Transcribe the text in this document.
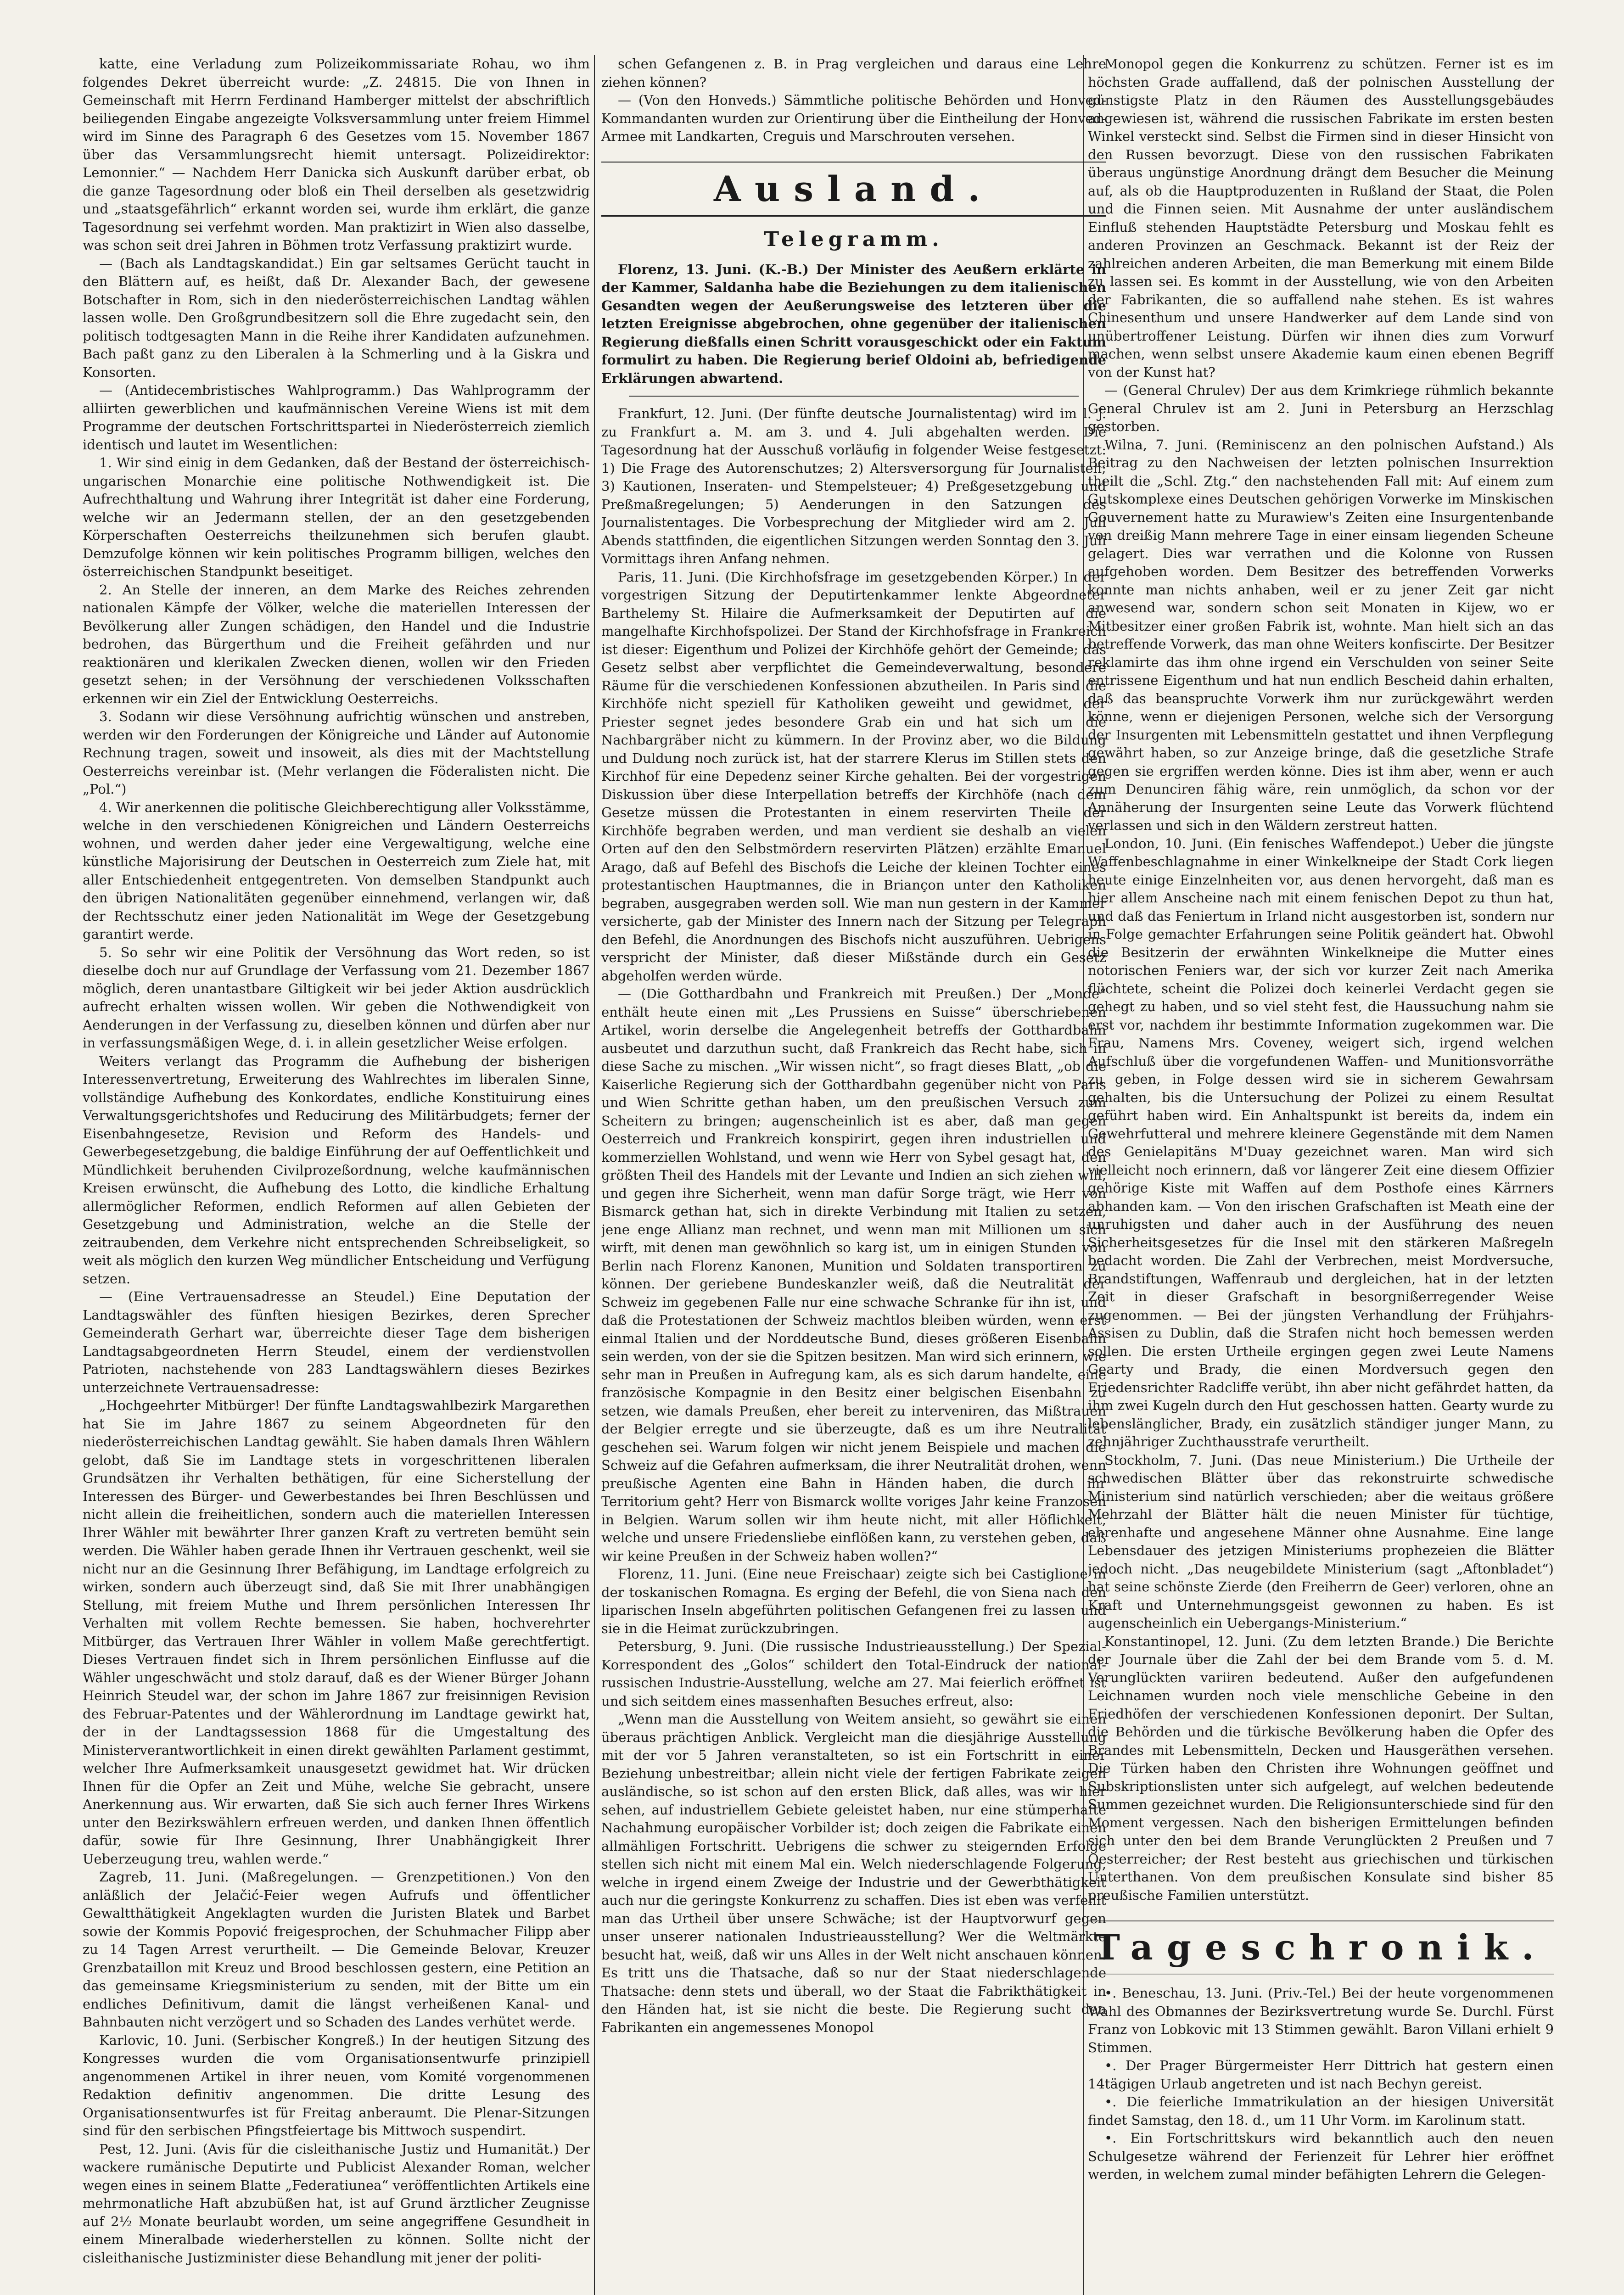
katte, eine Verladung zum Polizeikommissariate Rohau, wo ihm folgendes Dekret überreicht wurde: „Z. 24815. Die von Ihnen in Gemeinschaft mit Herrn Ferdinand Hamberger mittelst der abschriftlich beiliegenden Eingabe angezeigte Volksversammlung unter freiem Himmel wird im Sinne des Paragraph 6 des Gesetzes vom 15. November 1867 über das Versammlungsrecht hiemit untersagt. Polizeidirektor: Lemonnier.“ — Nachdem Herr Danicka sich Auskunft darüber erbat, ob die ganze Tagesordnung oder bloß ein Theil derselben als gesetzwidrig und „staatsgefährlich“ erkannt worden sei, wurde ihm erklärt, die ganze Tagesordnung sei verfehmt worden. Man praktizirt in Wien also dasselbe, was schon seit drei Jahren in Böhmen trotz Verfassung praktizirt wurde.

— (Bach als Landtagskandidat.) Ein gar seltsames Gerücht taucht in den Blättern auf, es heißt, daß Dr. Alexander Bach, der gewesene Botschafter in Rom, sich in den niederösterreichischen Landtag wählen lassen wolle. Den Großgrundbesitzern soll die Ehre zugedacht sein, den politisch todtgesagten Mann in die Reihe ihrer Kandidaten aufzunehmen. Bach paßt ganz zu den Liberalen à la Schmerling und à la Giskra und Konsorten.

— (Antidecembristisches Wahlprogramm.) Das Wahlprogramm der alliirten gewerblichen und kaufmännischen Vereine Wiens ist mit dem Programme der deutschen Fortschrittspartei in Niederösterreich ziemlich identisch und lautet im Wesentlichen:

1. Wir sind einig in dem Gedanken, daß der Bestand der österreichisch-ungarischen Monarchie eine politische Nothwendigkeit ist. Die Aufrechthaltung und Wahrung ihrer Integrität ist daher eine Forderung, welche wir an Jedermann stellen, der an den gesetzgebenden Körperschaften Oesterreichs theilzunehmen sich berufen glaubt. Demzufolge können wir kein politisches Programm billigen, welches den österreichischen Standpunkt beseitiget.

2. An Stelle der inneren, an dem Marke des Reiches zehrenden nationalen Kämpfe der Völker, welche die materiellen Interessen der Bevölkerung aller Zungen schädigen, den Handel und die Industrie bedrohen, das Bürgerthum und die Freiheit gefährden und nur reaktionären und klerikalen Zwecken dienen, wollen wir den Frieden gesetzt sehen; in der Versöhnung der verschiedenen Volksschaften erkennen wir ein Ziel der Entwicklung Oesterreichs.

3. Sodann wir diese Versöhnung aufrichtig wünschen und anstreben, werden wir den Forderungen der Königreiche und Länder auf Autonomie Rechnung tragen, soweit und insoweit, als dies mit der Machtstellung Oesterreichs vereinbar ist. (Mehr verlangen die Föderalisten nicht. Die „Pol.“)

4. Wir anerkennen die politische Gleichberechtigung aller Volksstämme, welche in den verschiedenen Königreichen und Ländern Oesterreichs wohnen, und werden daher jeder eine Vergewaltigung, welche eine künstliche Majorisirung der Deutschen in Oesterreich zum Ziele hat, mit aller Entschiedenheit entgegentreten. Von demselben Standpunkt auch den übrigen Nationalitäten gegenüber einnehmend, verlangen wir, daß der Rechtsschutz einer jeden Nationalität im Wege der Gesetzgebung garantirt werde.

5. So sehr wir eine Politik der Versöhnung das Wort reden, so ist dieselbe doch nur auf Grundlage der Verfassung vom 21. Dezember 1867 möglich, deren unantastbare Giltigkeit wir bei jeder Aktion ausdrücklich aufrecht erhalten wissen wollen. Wir geben die Nothwendigkeit von Aenderungen in der Verfassung zu, dieselben können und dürfen aber nur in verfassungsmäßigen Wege, d. i. in allein gesetzlicher Weise erfolgen.

Weiters verlangt das Programm die Aufhebung der bisherigen Interessenvertretung, Erweiterung des Wahlrechtes im liberalen Sinne, vollständige Aufhebung des Konkordates, endliche Konstituirung eines Verwaltungsgerichtshofes und Reducirung des Militärbudgets; ferner der Eisenbahngesetze, Revision und Reform des Handels- und Gewerbegesetzgebung, die baldige Einführung der auf Oeffentlichkeit und Mündlichkeit beruhenden Civilprozeßordnung, welche kaufmännischen Kreisen erwünscht, die Aufhebung des Lotto, die kindliche Erhaltung allermöglicher Reformen, endlich Reformen auf allen Gebieten der Gesetzgebung und Administration, welche an die Stelle der zeitraubenden, dem Verkehre nicht entsprechenden Schreibseligkeit, so weit als möglich den kurzen Weg mündlicher Entscheidung und Verfügung setzen.

— (Eine Vertrauensadresse an Steudel.) Eine Deputation der Landtagswähler des fünften hiesigen Bezirkes, deren Sprecher Gemeinderath Gerhart war, überreichte dieser Tage dem bisherigen Landtagsabgeordneten Herrn Steudel, einem der verdienstvollen Patrioten, nachstehende von 283 Landtagswählern dieses Bezirkes unterzeichnete Vertrauensadresse:

„Hochgeehrter Mitbürger! Der fünfte Landtagswahlbezirk Margarethen hat Sie im Jahre 1867 zu seinem Abgeordneten für den niederösterreichischen Landtag gewählt. Sie haben damals Ihren Wählern gelobt, daß Sie im Landtage stets in vorgeschrittenen liberalen Grundsätzen ihr Verhalten bethätigen, für eine Sicherstellung der Interessen des Bürger- und Gewerbestandes bei Ihren Beschlüssen und nicht allein die freiheitlichen, sondern auch die materiellen Interessen Ihrer Wähler mit bewährter Ihrer ganzen Kraft zu vertreten bemüht sein werden. Die Wähler haben gerade Ihnen ihr Vertrauen geschenkt, weil sie nicht nur an die Gesinnung Ihrer Befähigung, im Landtage erfolgreich zu wirken, sondern auch überzeugt sind, daß Sie mit Ihrer unabhängigen Stellung, mit freiem Muthe und Ihrem persönlichen Interessen Ihr Verhalten mit vollem Rechte bemessen. Sie haben, hochverehrter Mitbürger, das Vertrauen Ihrer Wähler in vollem Maße gerechtfertigt. Dieses Vertrauen findet sich in Ihrem persönlichen Einflusse auf die Wähler ungeschwächt und stolz darauf, daß es der Wiener Bürger Johann Heinrich Steudel war, der schon im Jahre 1867 zur freisinnigen Revision des Februar-Patentes und der Wählerordnung im Landtage gewirkt hat, der in der Landtagssession 1868 für die Umgestaltung des Ministerverantwortlichkeit in einen direkt gewählten Parlament gestimmt, welcher Ihre Aufmerksamkeit unausgesetzt gewidmet hat. Wir drücken Ihnen für die Opfer an Zeit und Mühe, welche Sie gebracht, unsere Anerkennung aus. Wir erwarten, daß Sie sich auch ferner Ihres Wirkens unter den Bezirkswählern erfreuen werden, und danken Ihnen öffentlich dafür, sowie für Ihre Gesinnung, Ihrer Unabhängigkeit Ihrer Ueberzeugung treu, wahlen werde.“

Zagreb, 11. Juni. (Maßregelungen. — Grenzpetitionen.) Von den anläßlich der Jelačić-Feier wegen Aufrufs und öffentlicher Gewaltthätigkeit Angeklagten wurden die Juristen Blatek und Barbet sowie der Kommis Popović freigesprochen, der Schuhmacher Filipp aber zu 14 Tagen Arrest verurtheilt. — Die Gemeinde Belovar, Kreuzer Grenzbataillon mit Kreuz und Brood beschlossen gestern, eine Petition an das gemeinsame Kriegsministerium zu senden, mit der Bitte um ein endliches Definitivum, damit die längst verheißenen Kanal- und Bahnbauten nicht verzögert und so Schaden des Landes verhütet werde.

Karlovic, 10. Juni. (Serbischer Kongreß.) In der heutigen Sitzung des Kongresses wurden die vom Organisationsentwurfe prinzipiell angenommenen Artikel in ihrer neuen, vom Komité vorgenommenen Redaktion definitiv angenommen. Die dritte Lesung des Organisationsentwurfes ist für Freitag anberaumt. Die Plenar-Sitzungen sind für den serbischen Pfingstfeiertage bis Mittwoch suspendirt.

Pest, 12. Juni. (Avis für die cisleithanische Justiz und Humanität.) Der wackere rumänische Deputirte und Publicist Alexander Roman, welcher wegen eines in seinem Blatte „Federatiunea“ veröffentlichten Artikels eine mehrmonatliche Haft abzubüßen hat, ist auf Grund ärztlicher Zeugnisse auf 2½ Monate beurlaubt worden, um seine angegriffene Gesundheit in einem Mineralbade wiederherstellen zu können. Sollte nicht der cisleithanische Justizminister diese Behandlung mit jener der politi-

schen Gefangenen z. B. in Prag vergleichen und daraus eine Lehre ziehen können?

— (Von den Honveds.) Sämmtliche politische Behörden und Honved-Kommandanten wurden zur Orientirung über die Eintheilung der Honved-Armee mit Landkarten, Creguis und Marschrouten versehen.

Ausland.
Telegramm.

Florenz, 13. Juni. (K.-B.) Der Minister des Aeußern erklärte in der Kammer, Saldanha habe die Beziehungen zu dem italienischen Gesandten wegen der Aeußerungsweise des letzteren über die letzten Ereignisse abgebrochen, ohne gegenüber der italienischen Regierung dießfalls einen Schritt vorausgeschickt oder ein Faktum formulirt zu haben. Die Regierung berief Oldoini ab, befriedigende Erklärungen abwartend.

Frankfurt, 12. Juni. (Der fünfte deutsche Journalistentag) wird im l. J. zu Frankfurt a. M. am 3. und 4. Juli abgehalten werden. Die Tagesordnung hat der Ausschuß vorläufig in folgender Weise festgesetzt: 1) Die Frage des Autorenschutzes; 2) Altersversorgung für Journalisten; 3) Kautionen, Inseraten- und Stempelsteuer; 4) Preßgesetzgebung und Preßmaßregelungen; 5) Aenderungen in den Satzungen des Journalistentages. Die Vorbesprechung der Mitglieder wird am 2. Juli Abends stattfinden, die eigentlichen Sitzungen werden Sonntag den 3. Juli Vormittags ihren Anfang nehmen.

Paris, 11. Juni. (Die Kirchhofsfrage im gesetzgebenden Körper.) In der vorgestrigen Sitzung der Deputirtenkammer lenkte Abgeordneter Barthelemy St. Hilaire die Aufmerksamkeit der Deputirten auf die mangelhafte Kirchhofspolizei. Der Stand der Kirchhofsfrage in Frankreich ist dieser: Eigenthum und Polizei der Kirchhöfe gehört der Gemeinde; das Gesetz selbst aber verpflichtet die Gemeindeverwaltung, besondere Räume für die verschiedenen Konfessionen abzutheilen. In Paris sind die Kirchhöfe nicht speziell für Katholiken geweiht und gewidmet, der Priester segnet jedes besondere Grab ein und hat sich um die Nachbargräber nicht zu kümmern. In der Provinz aber, wo die Bildung und Duldung noch zurück ist, hat der starrere Klerus im Stillen stets den Kirchhof für eine Depedenz seiner Kirche gehalten. Bei der vorgestrigen Diskussion über diese Interpellation betreffs der Kirchhöfe (nach dem Gesetze müssen die Protestanten in einem reservirten Theile der Kirchhöfe begraben werden, und man verdient sie deshalb an vielen Orten auf den den Selbstmördern reservirten Plätzen) erzählte Emanuel Arago, daß auf Befehl des Bischofs die Leiche der kleinen Tochter eines protestantischen Hauptmannes, die in Briançon unter den Katholiken begraben, ausgegraben werden soll. Wie man nun gestern in der Kammer versicherte, gab der Minister des Innern nach der Sitzung per Telegraph den Befehl, die Anordnungen des Bischofs nicht auszuführen. Uebrigens verspricht der Minister, daß dieser Mißstände durch ein Gesetz abgeholfen werden würde.

— (Die Gotthardbahn und Frankreich mit Preußen.) Der „Monde“ enthält heute einen mit „Les Prussiens en Suisse“ überschriebenen Artikel, worin derselbe die Angelegenheit betreffs der Gotthardbahn ausbeutet und darzuthun sucht, daß Frankreich das Recht habe, sich in diese Sache zu mischen. „Wir wissen nicht“, so fragt dieses Blatt, „ob die Kaiserliche Regierung sich der Gotthardbahn gegenüber nicht von Paris und Wien Schritte gethan haben, um den preußischen Versuch zum Scheitern zu bringen; augenscheinlich ist es aber, daß man gegen Oesterreich und Frankreich konspirirt, gegen ihren industriellen und kommerziellen Wohlstand, und wenn wie Herr von Sybel gesagt hat, den größten Theil des Handels mit der Levante und Indien an sich ziehen will, und gegen ihre Sicherheit, wenn man dafür Sorge trägt, wie Herr von Bismarck gethan hat, sich in direkte Verbindung mit Italien zu setzen, jene enge Allianz man rechnet, und wenn man mit Millionen um sich wirft, mit denen man gewöhnlich so karg ist, um in einigen Stunden von Berlin nach Florenz Kanonen, Munition und Soldaten transportiren zu können. Der geriebene Bundeskanzler weiß, daß die Neutralität der Schweiz im gegebenen Falle nur eine schwache Schranke für ihn ist, und daß die Protestationen der Schweiz machtlos bleiben würden, wenn erst einmal Italien und der Norddeutsche Bund, dieses größeren Eisenbahn sein werden, von der sie die Spitzen besitzen. Man wird sich erinnern, wie sehr man in Preußen in Aufregung kam, als es sich darum handelte, eine französische Kompagnie in den Besitz einer belgischen Eisenbahn zu setzen, wie damals Preußen, eher bereit zu interveniren, das Mißtrauen der Belgier erregte und sie überzeugte, daß es um ihre Neutralität geschehen sei. Warum folgen wir nicht jenem Beispiele und machen die Schweiz auf die Gefahren aufmerksam, die ihrer Neutralität drohen, wenn preußische Agenten eine Bahn in Händen haben, die durch ihr Territorium geht? Herr von Bismarck wollte voriges Jahr keine Franzosen in Belgien. Warum sollen wir ihm heute nicht, mit aller Höflichkeit, welche und unsere Friedensliebe einflößen kann, zu verstehen geben, daß wir keine Preußen in der Schweiz haben wollen?“

Florenz, 11. Juni. (Eine neue Freischaar) zeigte sich bei Castiglione in der toskanischen Romagna. Es erging der Befehl, die von Siena nach den liparischen Inseln abgeführten politischen Gefangenen frei zu lassen und sie in die Heimat zurückzubringen.

Petersburg, 9. Juni. (Die russische Industrieausstellung.) Der Spezial-Korrespondent des „Golos“ schildert den Total-Eindruck der national-russischen Industrie-Ausstellung, welche am 27. Mai feierlich eröffnet ist und sich seitdem eines massenhaften Besuches erfreut, also:

„Wenn man die Ausstellung von Weitem ansieht, so gewährt sie einen überaus prächtigen Anblick. Vergleicht man die diesjährige Ausstellung mit der vor 5 Jahren veranstalteten, so ist ein Fortschritt in einer Beziehung unbestreitbar; allein nicht viele der fertigen Fabrikate zeigen ausländische, so ist schon auf den ersten Blick, daß alles, was wir hier sehen, auf industriellem Gebiete geleistet haben, nur eine stümperhafte Nachahmung europäischer Vorbilder ist; doch zeigen die Fabrikate einen allmähligen Fortschritt. Uebrigens die schwer zu steigernden Erfolge stellen sich nicht mit einem Mal ein. Welch niederschlagende Folgerung, welche in irgend einem Zweige der Industrie und der Gewerbthätigkeit auch nur die geringste Konkurrenz zu schaffen. Dies ist eben was verfehlt man das Urtheil über unsere Schwäche; ist der Hauptvorwurf gegen unser unserer nationalen Industrieausstellung? Wer die Weltmärkte besucht hat, weiß, daß wir uns Alles in der Welt nicht anschauen können. Es tritt uns die Thatsache, daß so nur der Staat niederschlagende Thatsache: denn stets und überall, wo der Staat die Fabrikthätigkeit in den Händen hat, ist sie nicht die beste. Die Regierung sucht den Fabrikanten ein angemessenes Monopol

Monopol gegen die Konkurrenz zu schützen. Ferner ist es im höchsten Grade auffallend, daß der polnischen Ausstellung der günstigste Platz in den Räumen des Ausstellungsgebäudes angewiesen ist, während die russischen Fabrikate im ersten besten Winkel versteckt sind. Selbst die Firmen sind in dieser Hinsicht von den Russen bevorzugt. Diese von den russischen Fabrikaten überaus ungünstige Anordnung drängt dem Besucher die Meinung auf, als ob die Hauptproduzenten in Rußland der Staat, die Polen und die Finnen seien. Mit Ausnahme der unter ausländischem Einfluß stehenden Hauptstädte Petersburg und Moskau fehlt es anderen Provinzen an Geschmack. Bekannt ist der Reiz der zahlreichen anderen Arbeiten, die man Bemerkung mit einem Bilde zu lassen sei. Es kommt in der Ausstellung, wie von den Arbeiten der Fabrikanten, die so auffallend nahe stehen. Es ist wahres Chinesenthum und unsere Handwerker auf dem Lande sind von unübertroffener Leistung. Dürfen wir ihnen dies zum Vorwurf machen, wenn selbst unsere Akademie kaum einen ebenen Begriff von der Kunst hat?

— (General Chrulev) Der aus dem Krimkriege rühmlich bekannte General Chrulev ist am 2. Juni in Petersburg an Herzschlag gestorben.

Wilna, 7. Juni. (Reminiscenz an den polnischen Aufstand.) Als Beitrag zu den Nachweisen der letzten polnischen Insurrektion theilt die „Schl. Ztg.“ den nachstehenden Fall mit: Auf einem zum Gutskomplexe eines Deutschen gehörigen Vorwerke im Minskischen Gouvernement hatte zu Murawiew's Zeiten eine Insurgentenbande von dreißig Mann mehrere Tage in einer einsam liegenden Scheune gelagert. Dies war verrathen und die Kolonne von Russen aufgehoben worden. Dem Besitzer des betreffenden Vorwerks konnte man nichts anhaben, weil er zu jener Zeit gar nicht anwesend war, sondern schon seit Monaten in Kijew, wo er Mitbesitzer einer großen Fabrik ist, wohnte. Man hielt sich an das betreffende Vorwerk, das man ohne Weiters konfiscirte. Der Besitzer reklamirte das ihm ohne irgend ein Verschulden von seiner Seite entrissene Eigenthum und hat nun endlich Bescheid dahin erhalten, daß das beanspruchte Vorwerk ihm nur zurückgewährt werden könne, wenn er diejenigen Personen, welche sich der Versorgung der Insurgenten mit Lebensmitteln gestattet und ihnen Verpflegung gewährt haben, so zur Anzeige bringe, daß die gesetzliche Strafe gegen sie ergriffen werden könne. Dies ist ihm aber, wenn er auch zum Denunciren fähig wäre, rein unmöglich, da schon vor der Annäherung der Insurgenten seine Leute das Vorwerk flüchtend verlassen und sich in den Wäldern zerstreut hatten.

London, 10. Juni. (Ein fenisches Waffendepot.) Ueber die jüngste Waffenbeschlagnahme in einer Winkelkneipe der Stadt Cork liegen heute einige Einzelnheiten vor, aus denen hervorgeht, daß man es hier allem Anscheine nach mit einem fenischen Depot zu thun hat, und daß das Feniertum in Irland nicht ausgestorben ist, sondern nur in Folge gemachter Erfahrungen seine Politik geändert hat. Obwohl die Besitzerin der erwähnten Winkelkneipe die Mutter eines notorischen Feniers war, der sich vor kurzer Zeit nach Amerika flüchtete, scheint die Polizei doch keinerlei Verdacht gegen sie gehegt zu haben, und so viel steht fest, die Haussuchung nahm sie erst vor, nachdem ihr bestimmte Information zugekommen war. Die Frau, Namens Mrs. Coveney, weigert sich, irgend welchen Aufschluß über die vorgefundenen Waffen- und Munitionsvorräthe zu geben, in Folge dessen wird sie in sicherem Gewahrsam gehalten, bis die Untersuchung der Polizei zu einem Resultat geführt haben wird. Ein Anhaltspunkt ist bereits da, indem ein Gewehrfutteral und mehrere kleinere Gegenstände mit dem Namen des Genielapitäns M'Duay gezeichnet waren. Man wird sich vielleicht noch erinnern, daß vor längerer Zeit eine diesem Offizier gehörige Kiste mit Waffen auf dem Posthofe eines Kärrners abhanden kam. — Von den irischen Grafschaften ist Meath eine der unruhigsten und daher auch in der Ausführung des neuen Sicherheitsgesetzes für die Insel mit den stärkeren Maßregeln bedacht worden. Die Zahl der Verbrechen, meist Mordversuche, Brandstiftungen, Waffenraub und dergleichen, hat in der letzten Zeit in dieser Grafschaft in besorgnißerregender Weise zugenommen. — Bei der jüngsten Verhandlung der Frühjahrs-Assisen zu Dublin, daß die Strafen nicht hoch bemessen werden sollen. Die ersten Urtheile ergingen gegen zwei Leute Namens Gearty und Brady, die einen Mordversuch gegen den Friedensrichter Radcliffe verübt, ihn aber nicht gefährdet hatten, da ihm zwei Kugeln durch den Hut geschossen hatten. Gearty wurde zu lebenslänglicher, Brady, ein zusätzlich ständiger junger Mann, zu zehnjähriger Zuchthausstrafe verurtheilt.

Stockholm, 7. Juni. (Das neue Ministerium.) Die Urtheile der schwedischen Blätter über das rekonstruirte schwedische Ministerium sind natürlich verschieden; aber die weitaus größere Mehrzahl der Blätter hält die neuen Minister für tüchtige, ehrenhafte und angesehene Männer ohne Ausnahme. Eine lange Lebensdauer des jetzigen Ministeriums prophezeien die Blätter jedoch nicht. „Das neugebildete Ministerium (sagt „Aftonbladet“) hat seine schönste Zierde (den Freiherrn de Geer) verloren, ohne an Kraft und Unternehmungsgeist gewonnen zu haben. Es ist augenscheinlich ein Uebergangs-Ministerium.“

Konstantinopel, 12. Juni. (Zu dem letzten Brande.) Die Berichte der Journale über die Zahl der bei dem Brande vom 5. d. M. Verunglückten variiren bedeutend. Außer den aufgefundenen Leichnamen wurden noch viele menschliche Gebeine in den Friedhöfen der verschiedenen Konfessionen deponirt. Der Sultan, die Behörden und die türkische Bevölkerung haben die Opfer des Brandes mit Lebensmitteln, Decken und Hausgeräthen versehen. Die Türken haben den Christen ihre Wohnungen geöffnet und Subskriptionslisten unter sich aufgelegt, auf welchen bedeutende Summen gezeichnet wurden. Die Religionsunterschiede sind für den Moment vergessen. Nach den bisherigen Ermittelungen befinden sich unter den bei dem Brande Verunglückten 2 Preußen und 7 Oesterreicher; der Rest besteht aus griechischen und türkischen Unterthanen. Von dem preußischen Konsulate sind bisher 85 preußische Familien unterstützt.

Tageschronik.

•. Beneschau, 13. Juni. (Priv.-Tel.) Bei der heute vorgenommenen Wahl des Obmannes der Bezirksvertretung wurde Se. Durchl. Fürst Franz von Lobkovic mit 13 Stimmen gewählt. Baron Villani erhielt 9 Stimmen.

•. Der Prager Bürgermeister Herr Dittrich hat gestern einen 14tägigen Urlaub angetreten und ist nach Bechyn gereist.

•. Die feierliche Immatrikulation an der hiesigen Universität findet Samstag, den 18. d., um 11 Uhr Vorm. im Karolinum statt.

•. Ein Fortschrittskurs wird bekanntlich auch den neuen Schulgesetze während der Ferienzeit für Lehrer hier eröffnet werden, in welchem zumal minder befähigten Lehrern die Gelegen-
